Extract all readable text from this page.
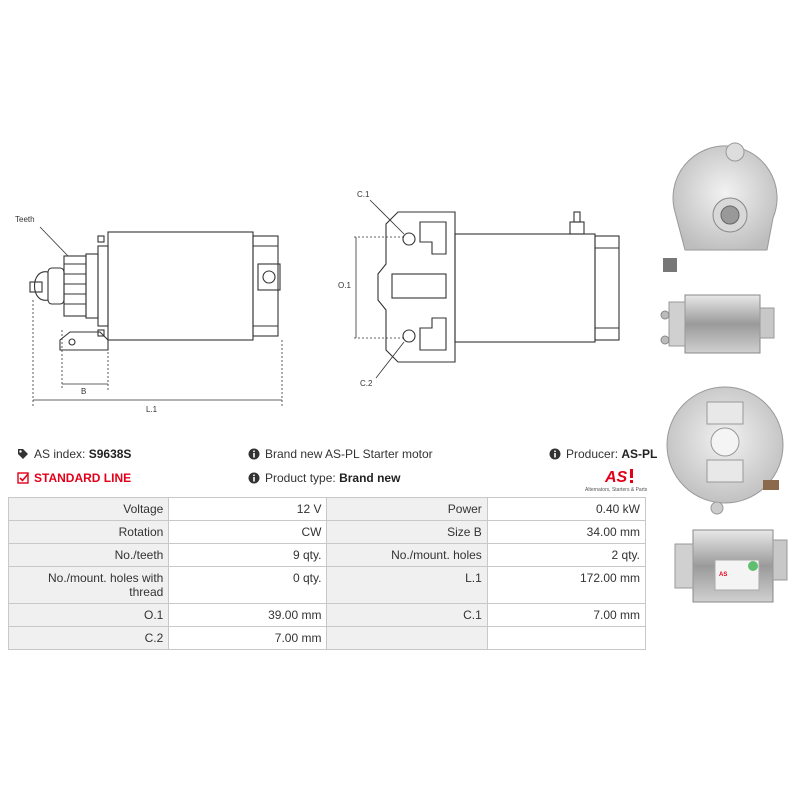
Teeth
B
L.1
C.1
O.1
C.2
AS
AS index:
S9638S	Brand new AS-PL Starter motor	Producer:
AS-PL
STANDARD LINE	Product type:
Brand new	AS
Alternators, Starters & Parts
Voltage	12 V	Power	0.40 kW
Rotation	CW	Size B	34.00 mm
No./teeth	9 qty.	No./mount. holes	2 qty.
No./mount. holes with thread	0 qty.	L.1	172.00 mm
O.1	39.00 mm	C.1	7.00 mm
C.2	7.00 mm		
